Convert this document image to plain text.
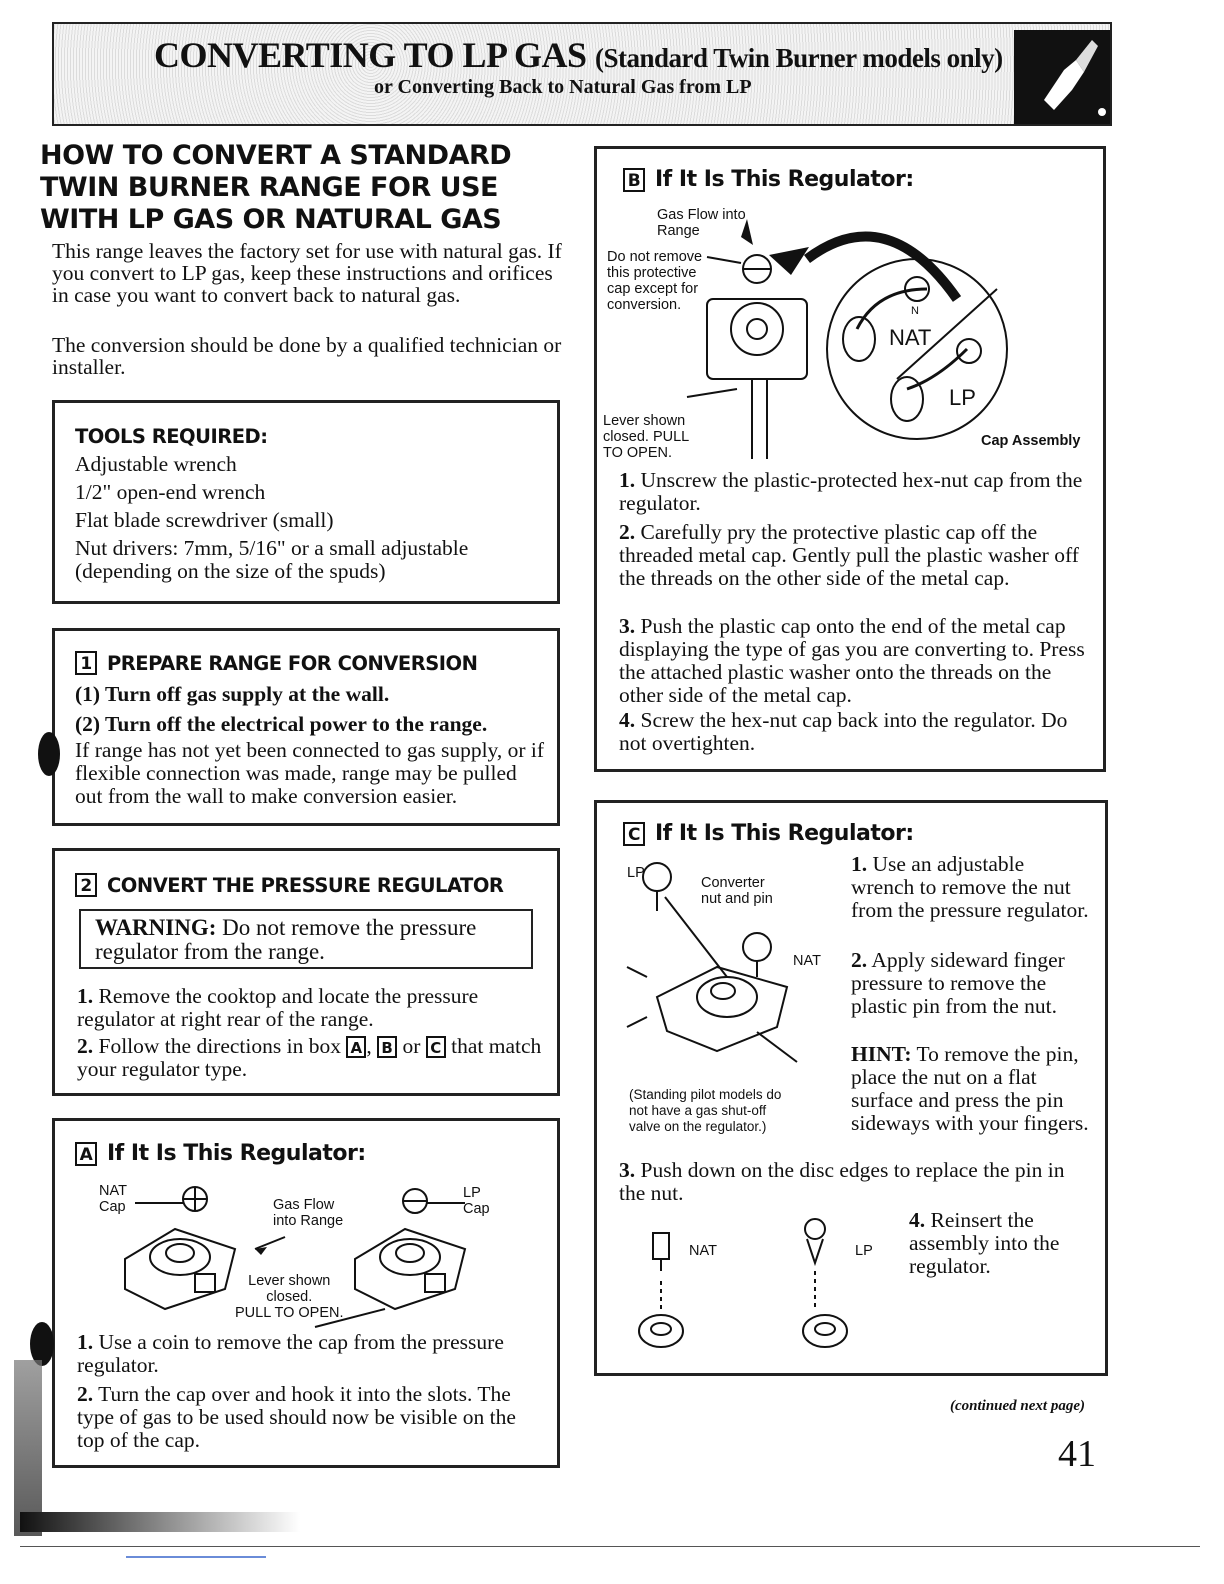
CONVERTING TO LP GAS (Standard Twin Burner models only)
or Converting Back to Natural Gas from LP
HOW TO CONVERT A STANDARD TWIN BURNER RANGE FOR USE WITH LP GAS OR NATURAL GAS
This range leaves the factory set for use with natural gas. If you convert to LP gas, keep these instructions and orifices in case you want to convert back to natural gas.
The conversion should be done by a qualified technician or installer.
TOOLS REQUIRED:
Adjustable wrench
1/2" open-end wrench
Flat blade screwdriver (small)
Nut drivers: 7mm, 5/16" or a small adjustable (depending on the size of the spuds)
1 PREPARE RANGE FOR CONVERSION
(1) Turn off gas supply at the wall.
(2) Turn off the electrical power to the range.
If range has not yet been connected to gas supply, or if flexible connection was made, range may be pulled out from the wall to make conversion easier.
2 CONVERT THE PRESSURE REGULATOR
WARNING: Do not remove the pressure regulator from the range.
1. Remove the cooktop and locate the pressure regulator at right rear of the range.
2. Follow the directions in box A , B or C that match your regulator type.
A If It Is This Regulator:
NAT
Cap
LP
Cap
Gas Flow
into Range
Lever shown
closed.
PULL TO OPEN.
1. Use a coin to remove the cap from the pressure regulator.
2. Turn the cap over and hook it into the slots. The type of gas to be used should now be visible on the top of the cap.
B If It Is This Regulator:
Gas Flow into
Range
Do not remove
this protective
cap except for
conversion.
Lever shown
closed. PULL
TO OPEN.
Cap Assembly
NAT
LP
N
1. Unscrew the plastic-protected hex-nut cap from the regulator.
2. Carefully pry the protective plastic cap off the threaded metal cap. Gently pull the plastic washer off the threads on the other side of the metal cap.
3. Push the plastic cap onto the end of the metal cap displaying the type of gas you are converting to. Press the attached plastic washer onto the threads on the other side of the metal cap.
4. Screw the hex-nut cap back into the regulator. Do not overtighten.
C If It Is This Regulator:
LP
Converter
nut and pin
NAT
(Standing pilot models do
not have a gas shut-off
valve on the regulator.)
1. Use an adjustable wrench to remove the nut from the pressure regulator.
2. Apply sideward finger pressure to remove the plastic pin from the nut.
HINT: To remove the pin, place the nut on a flat surface and press the pin sideways with your fingers.
3. Push down on the disc edges to replace the pin in the nut.
NAT	LP
4. Reinsert the assembly into the regulator.
(continued next page)
41
